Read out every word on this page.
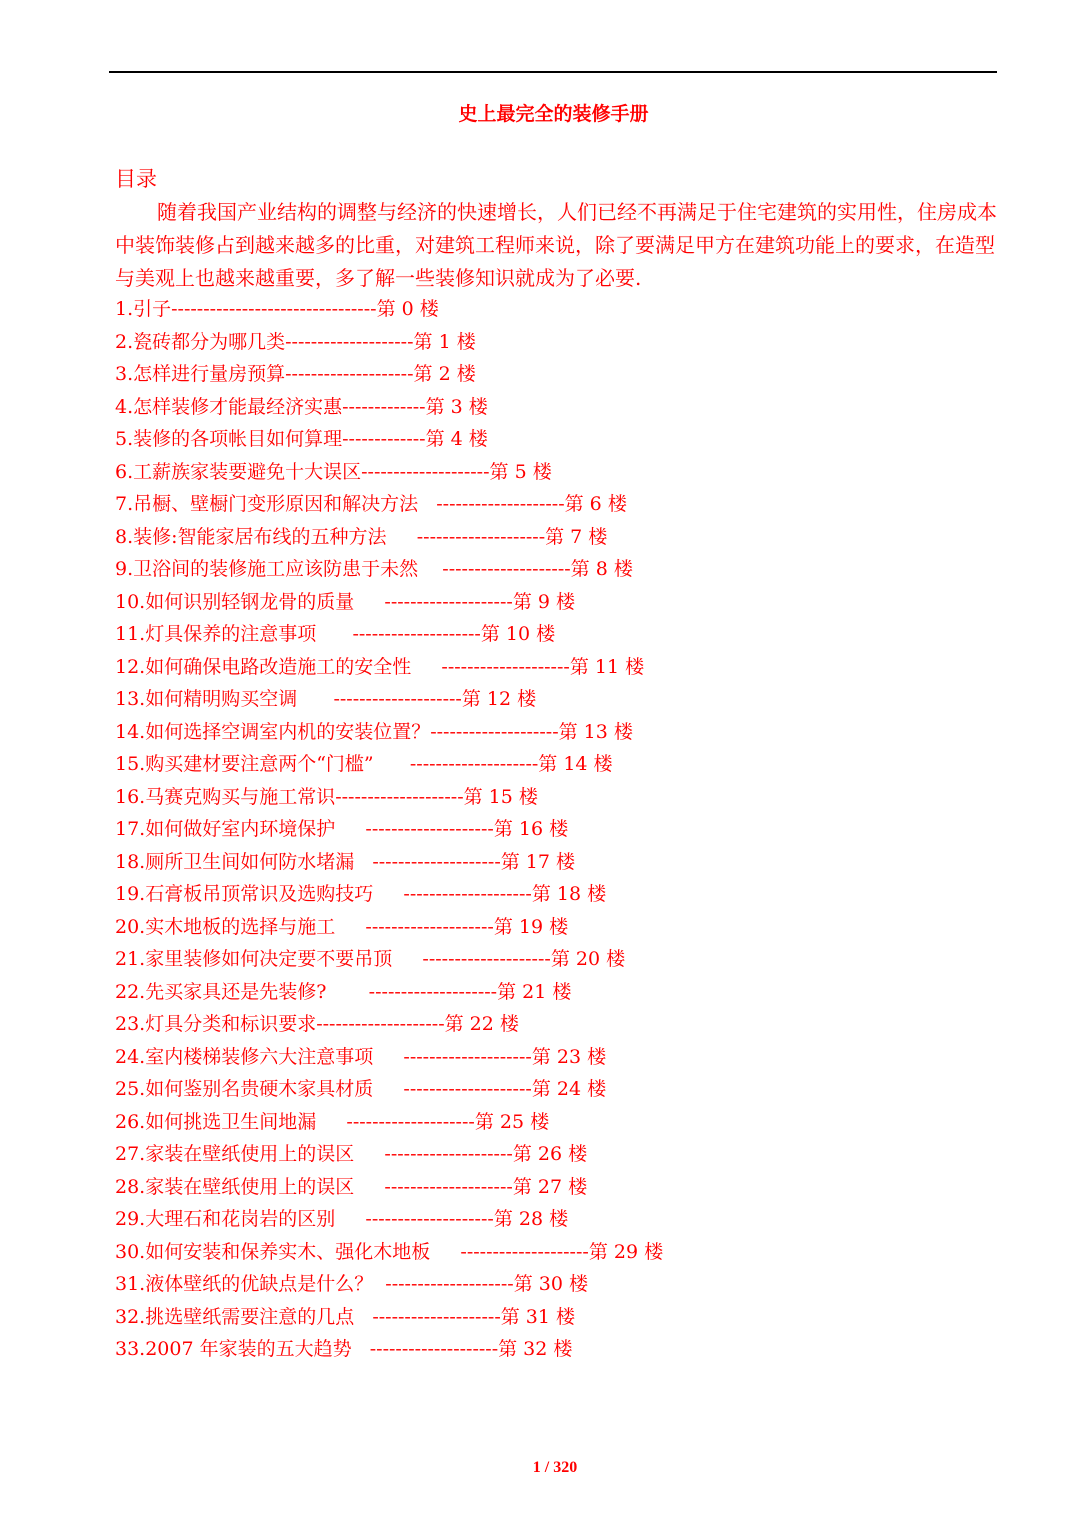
史上最完全的装修手册
目录
随着我国产业结构的调整与经济的快速增长，人们已经不再满足于住宅建筑的实用性，住房成本中装饰装修占到越来越多的比重，对建筑工程师来说，除了要满足甲方在建筑功能上的要求，在造型与美观上也越来越重要，多了解一些装修知识就成为了必要.
1.引子--------------------------------第 0 楼
2.瓷砖都分为哪几类--------------------第 1 楼
3.怎样进行量房预算--------------------第 2 楼
4.怎样装修才能最经济实惠-------------第 3 楼
5.装修的各项帐目如何算理-------------第 4 楼
6.工薪族家装要避免十大误区--------------------第 5 楼
7.吊橱、壁橱门变形原因和解决方法   --------------------第 6 楼
8.装修:智能家居布线的五种方法     --------------------第 7 楼
9.卫浴间的装修施工应该防患于未然    --------------------第 8 楼
10.如何识别轻钢龙骨的质量     --------------------第 9 楼
11.灯具保养的注意事项      --------------------第 10 楼
12.如何确保电路改造施工的安全性     --------------------第 11 楼
13.如何精明购买空调      --------------------第 12 楼
14.如何选择空调室内机的安装位置？--------------------第 13 楼
15.购买建材要注意两个“门槛”      --------------------第 14 楼
16.马赛克购买与施工常识--------------------第 15 楼
17.如何做好室内环境保护     --------------------第 16 楼
18.厕所卫生间如何防水堵漏   --------------------第 17 楼
19.石膏板吊顶常识及选购技巧     --------------------第 18 楼
20.实木地板的选择与施工     --------------------第 19 楼
21.家里装修如何决定要不要吊顶     --------------------第 20 楼
22.先买家具还是先装修?       --------------------第 21 楼
23.灯具分类和标识要求--------------------第 22 楼
24.室内楼梯装修六大注意事项     --------------------第 23 楼
25.如何鉴别名贵硬木家具材质     --------------------第 24 楼
26.如何挑选卫生间地漏     --------------------第 25 楼
27.家装在壁纸使用上的误区     --------------------第 26 楼
28.家装在壁纸使用上的误区     --------------------第 27 楼
29.大理石和花岗岩的区别     --------------------第 28 楼
30.如何安装和保养实木、强化木地板     --------------------第 29 楼
31.液体壁纸的优缺点是什么？  --------------------第 30 楼
32.挑选壁纸需要注意的几点   --------------------第 31 楼
33.2007 年家装的五大趋势   --------------------第 32 楼
1 / 320
